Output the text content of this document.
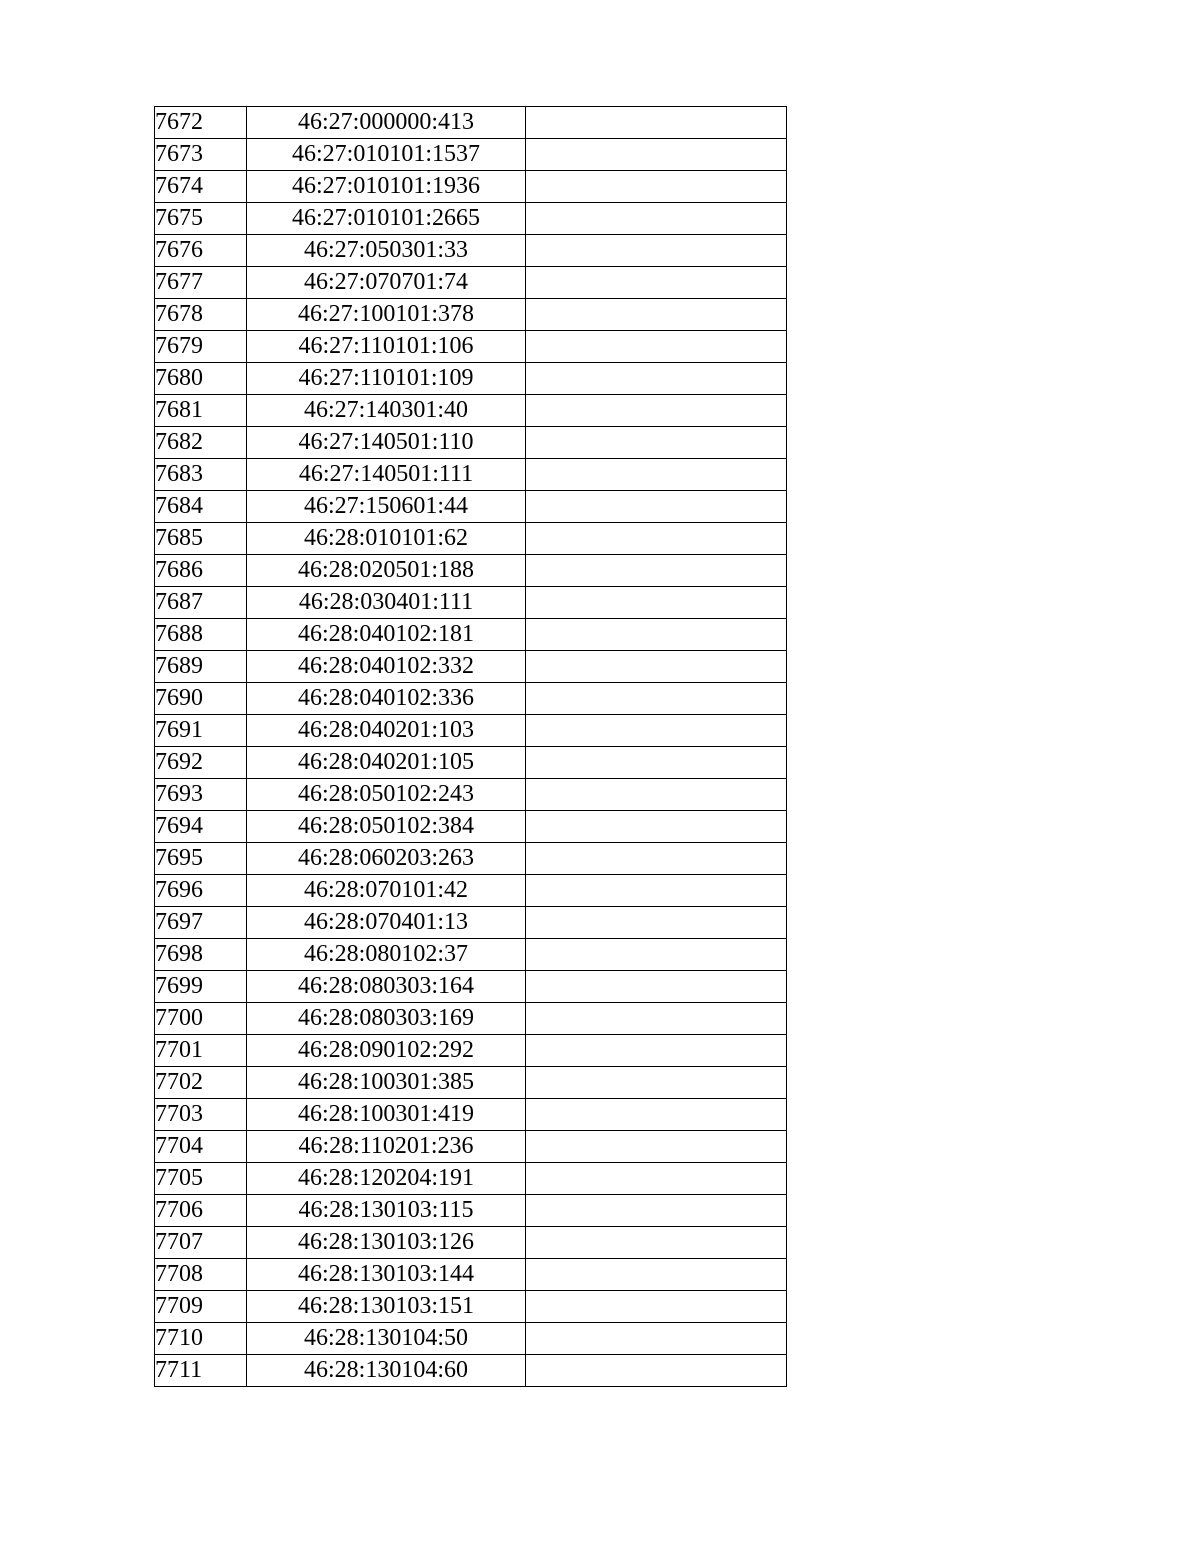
7672	46:27:000000:413	
7673	46:27:010101:1537	
7674	46:27:010101:1936	
7675	46:27:010101:2665	
7676	46:27:050301:33	
7677	46:27:070701:74	
7678	46:27:100101:378	
7679	46:27:110101:106	
7680	46:27:110101:109	
7681	46:27:140301:40	
7682	46:27:140501:110	
7683	46:27:140501:111	
7684	46:27:150601:44	
7685	46:28:010101:62	
7686	46:28:020501:188	
7687	46:28:030401:111	
7688	46:28:040102:181	
7689	46:28:040102:332	
7690	46:28:040102:336	
7691	46:28:040201:103	
7692	46:28:040201:105	
7693	46:28:050102:243	
7694	46:28:050102:384	
7695	46:28:060203:263	
7696	46:28:070101:42	
7697	46:28:070401:13	
7698	46:28:080102:37	
7699	46:28:080303:164	
7700	46:28:080303:169	
7701	46:28:090102:292	
7702	46:28:100301:385	
7703	46:28:100301:419	
7704	46:28:110201:236	
7705	46:28:120204:191	
7706	46:28:130103:115	
7707	46:28:130103:126	
7708	46:28:130103:144	
7709	46:28:130103:151	
7710	46:28:130104:50	
7711	46:28:130104:60	
